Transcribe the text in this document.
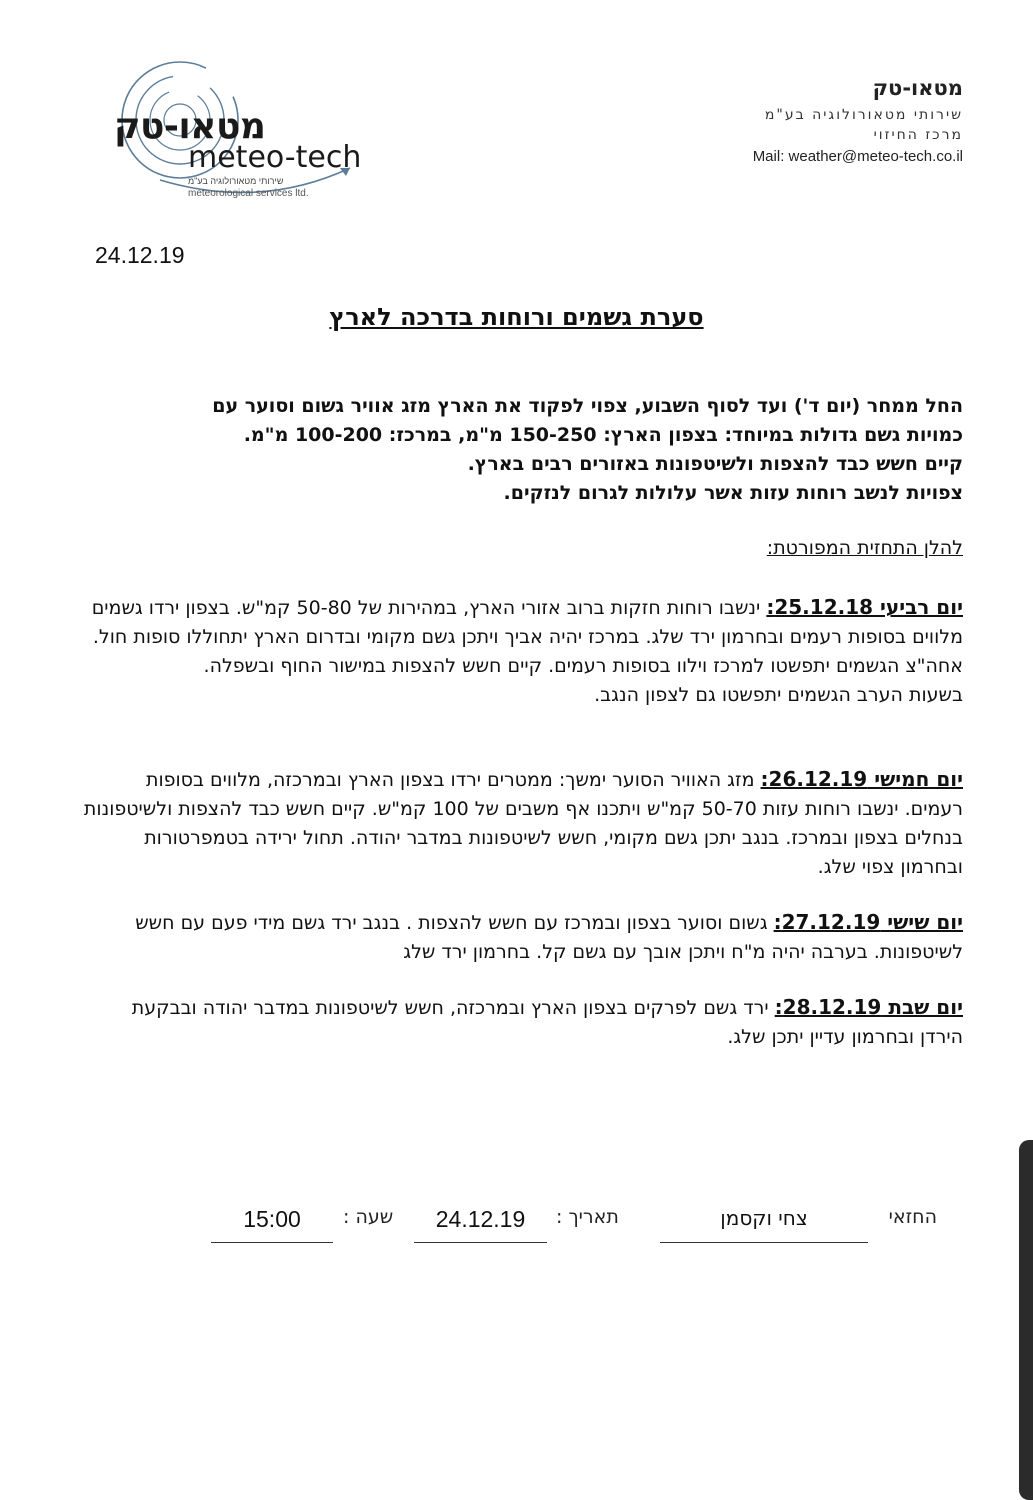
מטאו-טק
meteo-tech
שירותי מטאורולוגיה בע"מ
meteorological services ltd.
מטאו-טק
שירותי מטאורולוגיה בע"מ
מרכז החיזוי
Mail: weather@meteo-tech.co.il
24.12.19
סערת גשמים ורוחות בדרכה לארץ

החל ממחר (יום ד') ועד לסוף השבוע, צפוי לפקוד את הארץ מזג אוויר גשום וסוער עם

כמויות גשם גדולות במיוחד: בצפון הארץ: 150-250 מ"מ, במרכז: 100-200 מ"מ.

קיים חשש כבד להצפות ולשיטפונות באזורים רבים בארץ.

צפויות לנשב רוחות עזות אשר עלולות לגרום לנזקים.

להלן התחזית המפורטת:
יום רביעי 25.12.18: ינשבו רוחות חזקות ברוב אזורי הארץ, במהירות של 50-80 קמ"ש. בצפון ירדו גשמים מלווים בסופות רעמים ובחרמון ירד שלג. במרכז יהיה אביך ויתכן גשם מקומי ובדרום הארץ יתחוללו סופות חול. אחה"צ הגשמים יתפשטו למרכז וילוו בסופות רעמים. קיים חשש להצפות במישור החוף ובשפלה.
בשעות הערב הגשמים יתפשטו גם לצפון הנגב.
יום חמישי 26.12.19: מזג האוויר הסוער ימשך: ממטרים ירדו בצפון הארץ ובמרכזה, מלווים בסופות רעמים. ינשבו רוחות עזות 50-70 קמ"ש ויתכנו אף משבים של 100 קמ"ש. קיים חשש כבד להצפות ולשיטפונות בנחלים בצפון ובמרכז. בנגב יתכן גשם מקומי, חשש לשיטפונות במדבר יהודה. תחול ירידה בטמפרטורות ובחרמון צפוי שלג.
יום שישי 27.12.19: גשום וסוער בצפון ובמרכז עם חשש להצפות . בנגב ירד גשם מידי פעם עם חשש לשיטפונות. בערבה יהיה מ"ח ויתכן אובך עם גשם קל. בחרמון ירד שלג
יום שבת 28.12.19: ירד גשם לפרקים בצפון הארץ ובמרכזה, חשש לשיטפונות במדבר יהודה ובבקעת הירדן ובחרמון עדיין יתכן שלג.
החזאי
צחי וקסמן
תאריך :
24.12.19
שעה :
15:00
